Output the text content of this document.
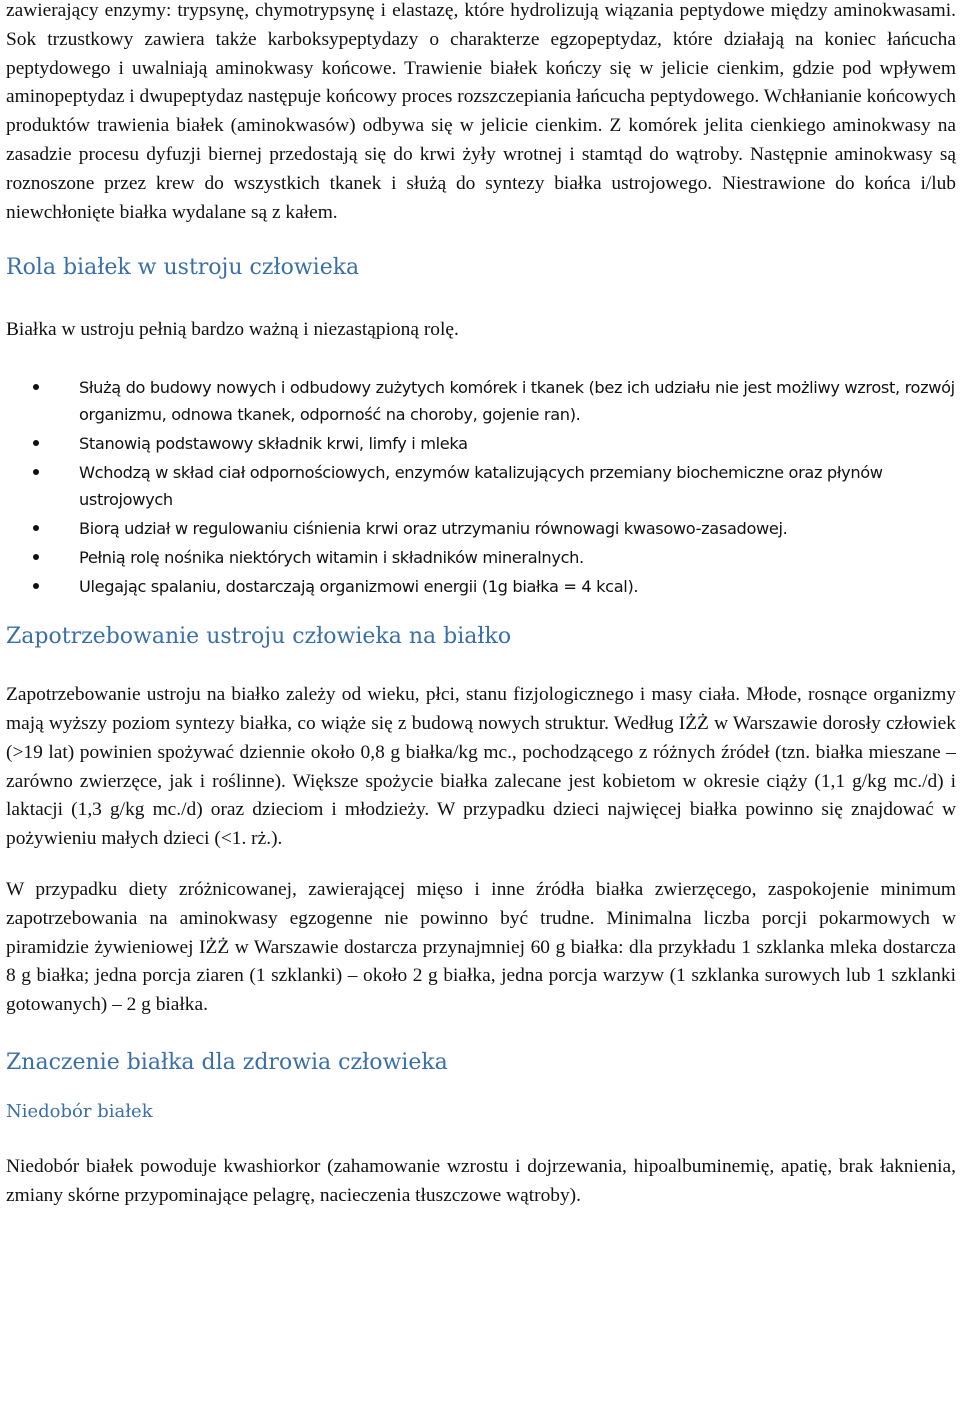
zawierający enzymy: trypsynę, chymotrypsynę i elastazę, które hydrolizują wiązania peptydowe między aminokwasami. Sok trzustkowy zawiera także karboksypeptydazy o charakterze egzopeptydaz, które działają na koniec łańcucha peptydowego i uwalniają aminokwasy końcowe. Trawienie białek kończy się w jelicie cienkim, gdzie pod wpływem aminopeptydaz i dwupeptydaz następuje końcowy proces rozszczepiania łańcucha peptydowego. Wchłanianie końcowych produktów trawienia białek (aminokwasów) odbywa się w jelicie cienkim. Z komórek jelita cienkiego aminokwasy na zasadzie procesu dyfuzji biernej przedostają się do krwi żyły wrotnej i stamtąd do wątroby. Następnie aminokwasy są roznoszone przez krew do wszystkich tkanek i służą do syntezy białka ustrojowego. Niestrawione do końca i/lub niewchłonięte białka wydalane są z kałem.

Rola białek w ustroju człowieka

Białka w ustroju pełnią bardzo ważną i niezastąpioną rolę.

Służą do budowy nowych i odbudowy zużytych komórek i tkanek (bez ich udziału nie jest możliwy wzrost, rozwój organizmu, odnowa tkanek, odporność na choroby, gojenie ran).
Stanowią podstawowy składnik krwi, limfy i mleka
Wchodzą w skład ciał odpornościowych, enzymów katalizujących przemiany biochemiczne oraz płynów ustrojowych
Biorą udział w regulowaniu ciśnienia krwi oraz utrzymaniu równowagi kwasowo-zasadowej.
Pełnią rolę nośnika niektórych witamin i składników mineralnych.
Ulegając spalaniu, dostarczają organizmowi energii (1g białka = 4 kcal).
Zapotrzebowanie ustroju człowieka na białko

Zapotrzebowanie ustroju na białko zależy od wieku, płci, stanu fizjologicznego i masy ciała. Młode, rosnące organizmy mają wyższy poziom syntezy białka, co wiąże się z budową nowych struktur. Według IŻŻ w Warszawie dorosły człowiek (>19 lat) powinien spożywać dziennie około 0,8 g białka/kg mc., pochodzącego z różnych źródeł (tzn. białka mieszane – zarówno zwierzęce, jak i roślinne). Większe spożycie białka zalecane jest kobietom w okresie ciąży (1,1 g/kg mc./d) i laktacji (1,3 g/kg mc./d) oraz dzieciom i młodzieży. W przypadku dzieci najwięcej białka powinno się znajdować w pożywieniu małych dzieci (<1. rż.).

W przypadku diety zróżnicowanej, zawierającej mięso i inne źródła białka zwierzęcego, zaspokojenie minimum zapotrzebowania na aminokwasy egzogenne nie powinno być trudne. Minimalna liczba porcji pokarmowych w piramidzie żywieniowej IŻŻ w Warszawie dostarcza przynajmniej 60 g białka: dla przykładu 1 szklanka mleka dostarcza 8 g białka; jedna porcja ziaren (1 szklanki) – około 2 g białka, jedna porcja warzyw (1 szklanka surowych lub 1 szklanki gotowanych) – 2 g białka.

Znaczenie białka dla zdrowia człowieka
Niedobór białek

Niedobór białek powoduje kwashiorkor (zahamowanie wzrostu i dojrzewania, hipoalbuminemię, apatię, brak łaknienia, zmiany skórne przypominające pelagrę, nacieczenia tłuszczowe wątroby).
